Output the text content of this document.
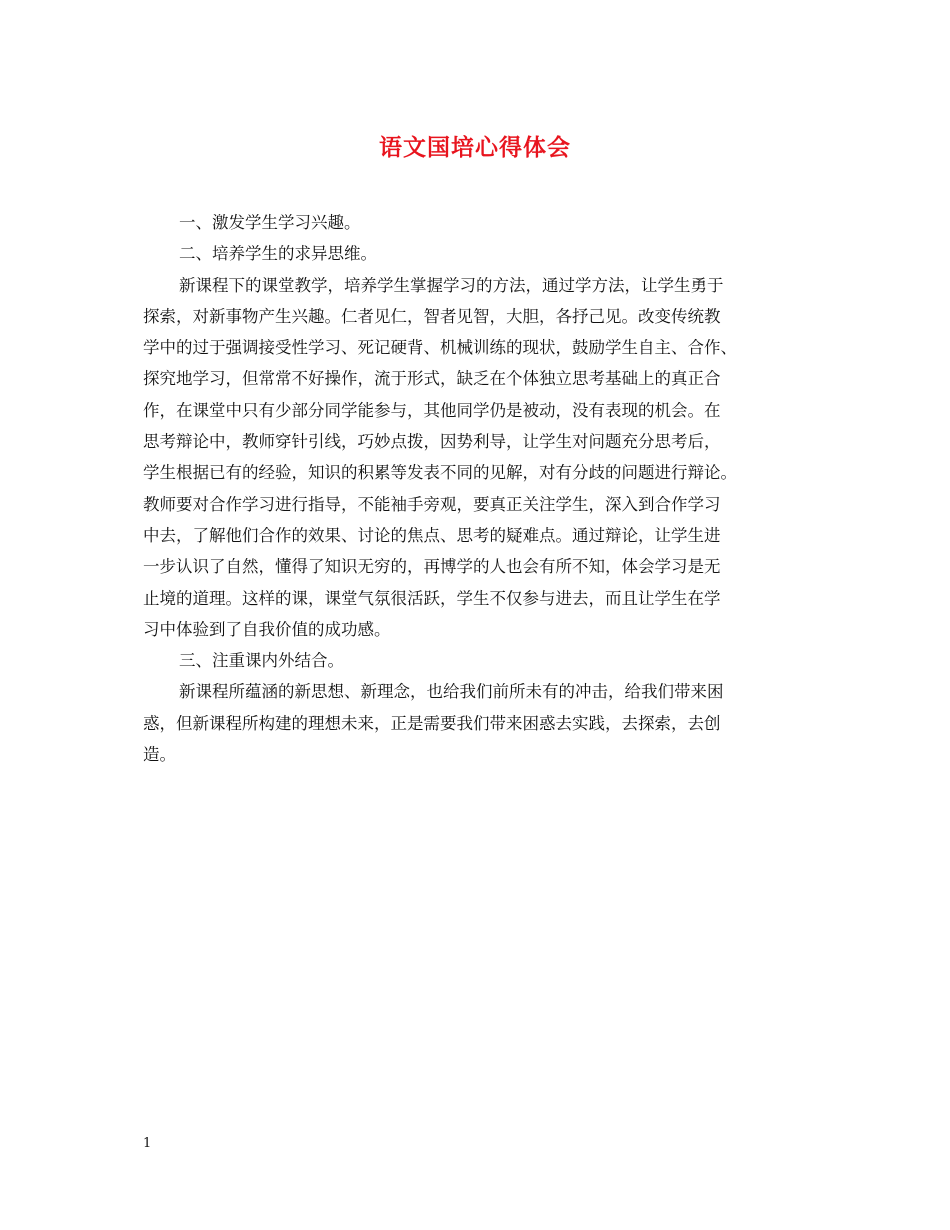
语文国培心得体会
一、激发学生学习兴趣。
二、培养学生的求异思维。
新课程下的课堂教学，培养学生掌握学习的方法，通过学方法，让学生勇于
探索，对新事物产生兴趣。仁者见仁，智者见智，大胆，各抒己见。改变传统教
学中的过于强调接受性学习、死记硬背、机械训练的现状，鼓励学生自主、合作、
探究地学习，但常常不好操作，流于形式，缺乏在个体独立思考基础上的真正合
作，在课堂中只有少部分同学能参与，其他同学仍是被动，没有表现的机会。在
思考辩论中，教师穿针引线，巧妙点拨，因势利导，让学生对问题充分思考后，
学生根据已有的经验，知识的积累等发表不同的见解，对有分歧的问题进行辩论。
教师要对合作学习进行指导，不能袖手旁观，要真正关注学生，深入到合作学习
中去，了解他们合作的效果、讨论的焦点、思考的疑难点。通过辩论，让学生进
一步认识了自然，懂得了知识无穷的，再博学的人也会有所不知，体会学习是无
止境的道理。这样的课，课堂气氛很活跃，学生不仅参与进去，而且让学生在学
习中体验到了自我价值的成功感。
三、注重课内外结合。
新课程所蕴涵的新思想、新理念，也给我们前所未有的冲击，给我们带来困
惑，但新课程所构建的理想未来，正是需要我们带来困惑去实践，去探索，去创
造。
1
